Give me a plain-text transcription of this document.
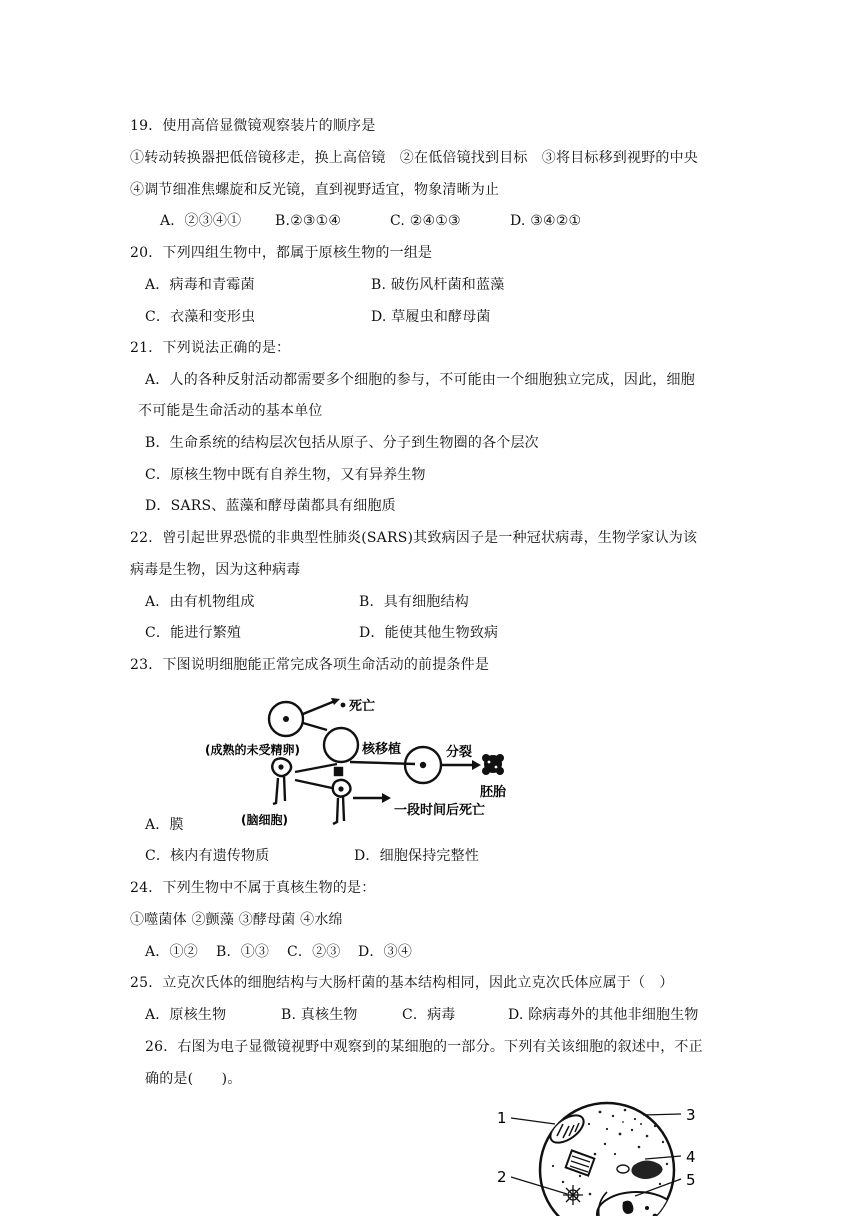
19．使用高倍显微镜观察装片的顺序是
①转动转换器把低倍镜移走，换上高倍镜　②在低倍镜找到目标　③将目标移到视野的中央
④调节细准焦螺旋和反光镜，直到视野适宜，物象清晰为止
A．②③④① B.②③①④	C. ②④①③	D. ③④②①
20．下列四组生物中，都属于原核生物的一组是
A．病毒和青霉菌	B. 破伤风杆菌和蓝藻
C．衣藻和变形虫	D. 草履虫和酵母菌
21．下列说法正确的是：
A．人的各种反射活动都需要多个细胞的参与，不可能由一个细胞独立完成，因此，细胞
不可能是生命活动的基本单位
B．生命系统的结构层次包括从原子、分子到生物圈的各个层次
C．原核生物中既有自养生物，又有异养生物
D．SARS、蓝藻和酵母菌都具有细胞质
22．曾引起世界恐慌的非典型性肺炎(SARS)其致病因子是一种冠状病毒，生物学家认为该
病毒是生物，因为这种病毒
A．由有机物组成	B．具有细胞结构
C．能进行繁殖	D．能使其他生物致病
23．下图说明细胞能正常完成各项生命活动的前提条件是
死亡
(成熟的未受精卵)	核移植	分裂
胚胎
(脑细胞)
一段时间后死亡
A．膜
C．核内有遗传物质	D．细胞保持完整性
24．下列生物中不属于真核生物的是：
①噬菌体 ②颤藻 ③酵母菌 ④水绵
A．①② B．①③ C．②③ D．③④
25．立克次氏体的细胞结构与大肠杆菌的基本结构相同，因此立克次氏体应属于（　）
A．原核生物	B. 真核生物	C．病毒	D. 除病毒外的其他非细胞生物
26．右图为电子显微镜视野中观察到的某细胞的一部分。下列有关该细胞的叙述中，不正
确的是(　　)。
1
2
3
4
5
